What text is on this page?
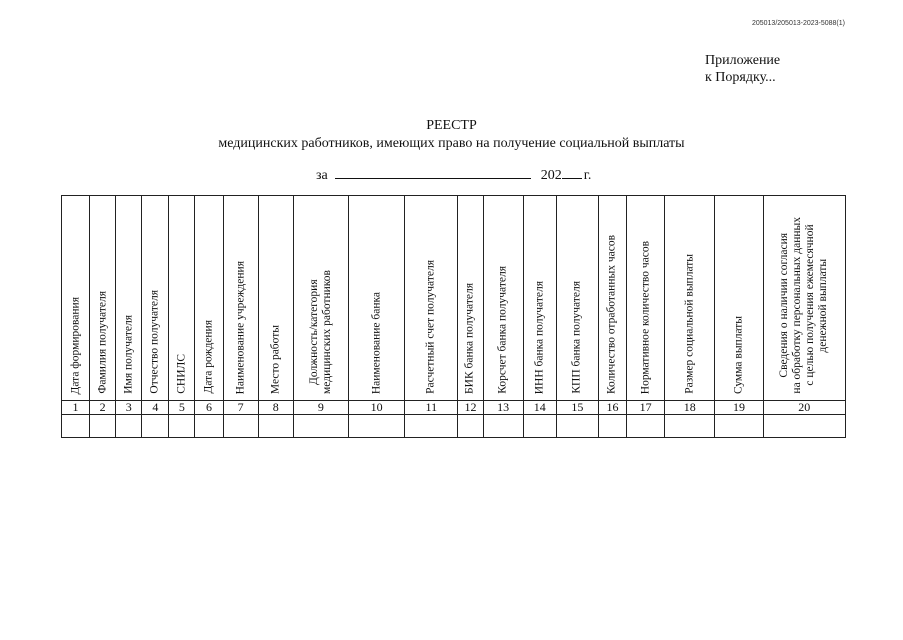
205013/205013-2023-5088(1)
Приложение
к Порядку...
РЕЕСТР
медицинских работников, имеющих право на получение социальной выплаты
за	202 г.
Дата формирования	Фамилия получателя	Имя получателя	Отчество получателя	СНИЛС	Дата рождения	Наименование учреждения	Место работы	Должность/категория
медицинских работников	Наименование банка	Расчетный счет получателя	БИК банка получателя	Корсчет банка получателя	ИНН банка получателя	КПП банка получателя	Количество отработанных часов	Нормативное количество часов	Размер социальной выплаты	Сумма выплаты	Сведения о наличии согласия
на обработку персональных данных
с целью получения ежемесячной
денежной выплаты

1	2	3	4	5	6	7	8	9	10	11	12	13	14	15	16	17	18	19	20
